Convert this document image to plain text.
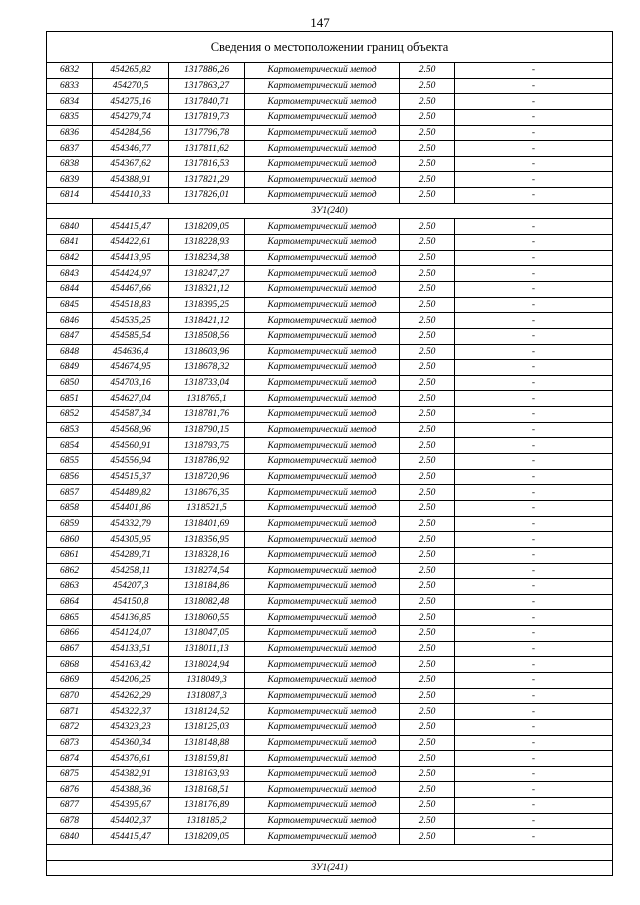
147
Сведения о местоположении границ объекта					
6832	454265,82	1317886,26	Картометрический метод	2.50	-
6833	454270,5	1317863,27	Картометрический метод	2.50	-
6834	454275,16	1317840,71	Картометрический метод	2.50	-
6835	454279,74	1317819,73	Картометрический метод	2.50	-
6836	454284,56	1317796,78	Картометрический метод	2.50	-
6837	454346,77	1317811,62	Картометрический метод	2.50	-
6838	454367,62	1317816,53	Картометрический метод	2.50	-
6839	454388,91	1317821,29	Картометрический метод	2.50	-
6814	454410,33	1317826,01	Картометрический метод	2.50	-
ЗУ1(240)					
6840	454415,47	1318209,05	Картометрический метод	2.50	-
6841	454422,61	1318228,93	Картометрический метод	2.50	-
6842	454413,95	1318234,38	Картометрический метод	2.50	-
6843	454424,97	1318247,27	Картометрический метод	2.50	-
6844	454467,66	1318321,12	Картометрический метод	2.50	-
6845	454518,83	1318395,25	Картометрический метод	2.50	-
6846	454535,25	1318421,12	Картометрический метод	2.50	-
6847	454585,54	1318508,56	Картометрический метод	2.50	-
6848	454636,4	1318603,96	Картометрический метод	2.50	-
6849	454674,95	1318678,32	Картометрический метод	2.50	-
6850	454703,16	1318733,04	Картометрический метод	2.50	-
6851	454627,04	1318765,1	Картометрический метод	2.50	-
6852	454587,34	1318781,76	Картометрический метод	2.50	-
6853	454568,96	1318790,15	Картометрический метод	2.50	-
6854	454560,91	1318793,75	Картометрический метод	2.50	-
6855	454556,94	1318786,92	Картометрический метод	2.50	-
6856	454515,37	1318720,96	Картометрический метод	2.50	-
6857	454489,82	1318676,35	Картометрический метод	2.50	-
6858	454401,86	1318521,5	Картометрический метод	2.50	-
6859	454332,79	1318401,69	Картометрический метод	2.50	-
6860	454305,95	1318356,95	Картометрический метод	2.50	-
6861	454289,71	1318328,16	Картометрический метод	2.50	-
6862	454258,11	1318274,54	Картометрический метод	2.50	-
6863	454207,3	1318184,86	Картометрический метод	2.50	-
6864	454150,8	1318082,48	Картометрический метод	2.50	-
6865	454136,85	1318060,55	Картометрический метод	2.50	-
6866	454124,07	1318047,05	Картометрический метод	2.50	-
6867	454133,51	1318011,13	Картометрический метод	2.50	-
6868	454163,42	1318024,94	Картометрический метод	2.50	-
6869	454206,25	1318049,3	Картометрический метод	2.50	-
6870	454262,29	1318087,3	Картометрический метод	2.50	-
6871	454322,37	1318124,52	Картометрический метод	2.50	-
6872	454323,23	1318125,03	Картометрический метод	2.50	-
6873	454360,34	1318148,88	Картометрический метод	2.50	-
6874	454376,61	1318159,81	Картометрический метод	2.50	-
6875	454382,91	1318163,93	Картометрический метод	2.50	-
6876	454388,36	1318168,51	Картометрический метод	2.50	-
6877	454395,67	1318176,89	Картометрический метод	2.50	-
6878	454402,37	1318185,2	Картометрический метод	2.50	-
6840	454415,47	1318209,05	Картометрический метод	2.50	-

ЗУ1(241)					
